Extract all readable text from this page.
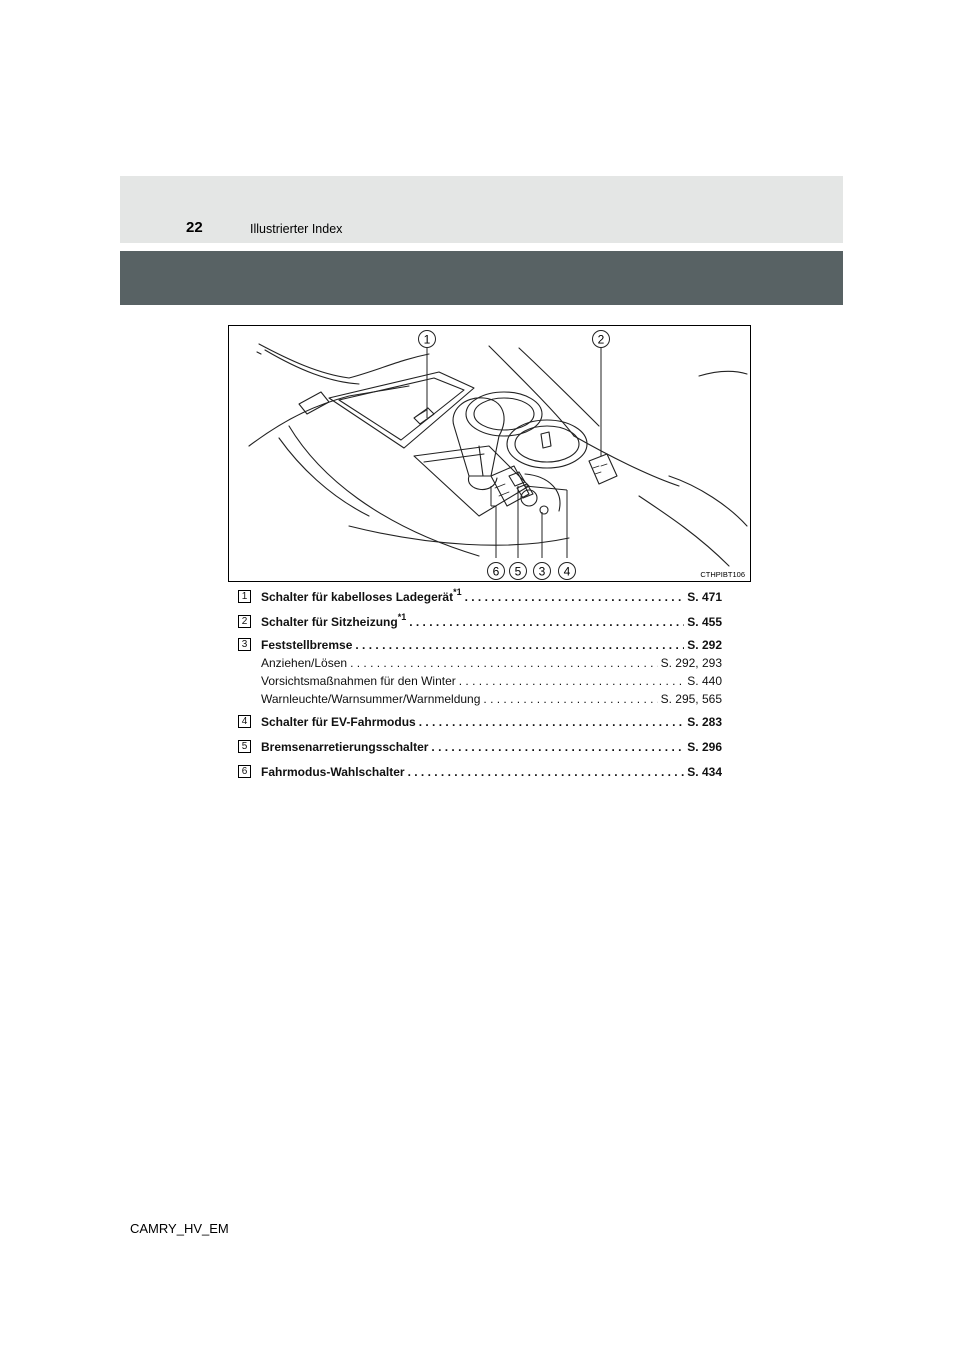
22	Illustrierter Index
1	2
6 5 3 4	CTHPIBT106
1	Schalter für kabelloses Ladegerät$^{*1}$ . . .	S. 471
2	Schalter für Sitzheizung$^{*1}$ . . .	S. 455
3	Feststellbremse . . .	S. 292
Anziehen/Lösen . . .	S. 292, 293
Vorsichtsmaßnahmen für den Winter . . .	S. 440
Warnleuchte/Warnsummer/Warnmeldung . . .	S. 295, 565
4	Schalter für EV-Fahrmodus . . .	S. 283
5	Bremsenarretierungsschalter . . .	S. 296
6	Fahrmodus-Wahlschalter . . .	S. 434
CAMRY_HV_EM
